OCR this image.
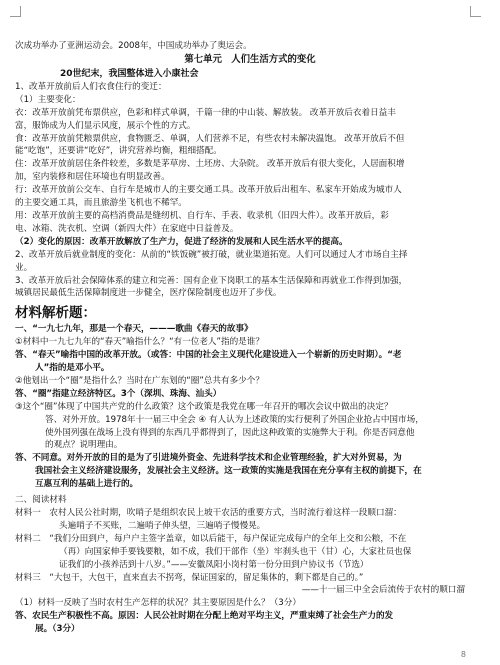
次成功举办了亚洲运动会。2008年，中国成功举办了奥运会。
第七单元　人们生活方式的变化
20世纪末，我国整体进入小康社会
1、改革开放前后人们衣食住行的变迁：
（1）主要变化：
衣：改革开放前凭布票供应，色彩和样式单调，千篇一律的中山装、解放装。 改革开放后衣着日益丰
富，服饰成为人们显示风度，展示个性的方式。
食：改革开放前凭粮票供应，食物匮乏、单调，人们营养不足，有些农村未解决温饱。 改革开放后不但
能“吃饱”，还要讲“吃好”，讲究营养均衡，粗细搭配。
住：改革开放前居住条件较差，多数是茅草房、土坯房、大杂院。 改革开放后有很大变化，人居面积增
加，室内装修和居住环境也有明显改善。
行：改革开放前公交车、自行车是城市人的主要交通工具。改革开放后出租车、私家车开始成为城市人
的主要交通工具，而且旅游坐飞机也不稀罕。
用：改革开放前主要的高档消费品是缝纫机、自行车、手表、收录机（旧四大件）。改革开放后，彩
电、冰箱、洗衣机、空调（新四大件）在家庭中日益普及。
（2）变化的原因：改革开放解放了生产力，促进了经济的发展和人民生活水平的提高。
2、改革开放后就业制度的变化：从前的“铁饭碗”被打破，就业渠道拓宽。人们可以通过人才市场自主择
业。
3、改革开放后社会保障体系的建立和完善：国有企业下岗职工的基本生活保障和再就业工作得到加强，
城镇居民最低生活保障制度进一步健全，医疗保险制度也迈开了步伐。
材料解析题：
一、“一九七九年，那是一个春天，———歌曲《春天的故事》
①材料中一九七九年的“春天”喻指什么？“有一位老人”指的是谁？
答、“春天”喻指中国的改革开放。（或答：中国的社会主义现代化建设进入一个崭新的历史时期）。“老
人”指的是邓小平。
②他划出一个“圈”是指什么？当时在广东划的“圈”总共有多少个？
答、“圈”指建立经济特区。3个（深圳、珠海、汕头）
③这个“圈”体现了中国共产党的什么政策？这个政策是我党在哪一年召开的哪次会议中做出的决定？
答、对外开放。1978年十一届三中全会 ④ 有人认为上述政策的实行便利了外国企业抢占中国市场，
使外国列强在战场上没有得到的东西几乎都得到了，因此这种政策的实施弊大于利。你是否同意他
的观点？说明理由。
答、不同意。对外开放的目的是为了引进境外资金、先进科学技术和企业管理经验，扩大对外贸易，为
我国社会主义经济建设服务，发展社会主义经济。这一政策的实施是我国在充分享有主权的前提下，在
互惠互利的基础上进行的。
二、阅读材料
材料一　农村人民公社时期，吹哨子是组织农民上坡干农活的重要方式，当时流行着这样一段顺口溜：
头遍哨子不买账，二遍哨子伸头望，三遍哨子慢慢晃。
材料二　“我们分田到户，每户户主签字盖章，如以后能干，每户保证完成每户的全年上交和公粮，不在
（再）向国家伸手要钱要粮，如不成，我们干部作（坐）牢刹头也干（甘）心，大家社员也保
证我们的小孩养活到十八岁。”——安徽凤阳小岗村第一份分田到户协议书（节选）
材料三　“大包干，大包干，直来直去不拐弯，保证国家的，留足集体的，剩下都是自己的。”
——十一届三中全会后流传于农村的顺口溜
（1）材料一反映了当时农村生产怎样的状况？其主要原因是什么？（3分）
答、农民生产积极性不高。原因：人民公社时期在分配上绝对平均主义，严重束缚了社会生产力的发
展。（3分）
8
